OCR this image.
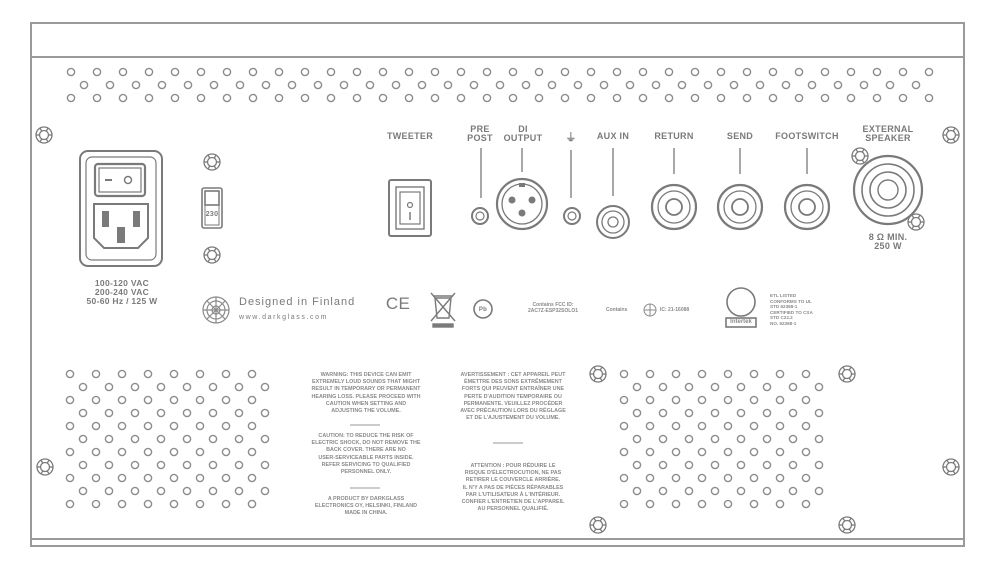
TWEETER
PRE
POST
DI
OUTPUT	⏚	AUX IN	RETURN	SEND	FOOTSWITCH
EXTERNAL
SPEAKER
8 Ω MIN.
250 W
230
100-120 VAC
200-240 VAC
50-60 Hz / 125 W	Designed in Finland
www.darkglass.com
CE	Pb
Contains FCC ID:
2AC7Z-ESP32SOLO1	Contains	IC: 21-16088
Intertek
ETL LISTED
CONFORMS TO UL
STD 62368-1
CERTIFIED TO CSA
STD C22.2
NO. 62368-1
WARNING: THIS DEVICE CAN EMIT
EXTREMELY LOUD SOUNDS THAT MIGHT
RESULT IN TEMPORARY OR PERMANENT
HEARING LOSS. PLEASE PROCEED WITH
CAUTION WHEN SETTING AND
ADJUSTING THE VOLUME.
CAUTION: TO REDUCE THE RISK OF
ELECTRIC SHOCK, DO NOT REMOVE THE
BACK COVER. THERE ARE NO
USER-SERVICEABLE PARTS INSIDE.
REFER SERVICING TO QUALIFIED
PERSONNEL ONLY.
A PRODUCT BY DARKGLASS
ELECTRONICS OY, HELSINKI, FINLAND
MADE IN CHINA.
AVERTISSEMENT : CET APPAREIL PEUT
ÉMETTRE DES SONS EXTRÊMEMENT
FORTS QUI PEUVENT ENTRAÎNER UNE
PERTE D'AUDITION TEMPORAIRE OU
PERMANENTE. VEUILLEZ PROCÉDER
AVEC PRÉCAUTION LORS DU RÉGLAGE
ET DE L'AJUSTEMENT DU VOLUME.
ATTENTION : POUR RÉDUIRE LE
RISQUE D'ÉLECTROCUTION, NE PAS
RETIRER LE COUVERCLE ARRIÈRE.
IL N'Y A PAS DE PIÈCES RÉPARABLES
PAR L'UTILISATEUR À L'INTÉRIEUR.
CONFIER L'ENTRETIEN DE L'APPAREIL
AU PERSONNEL QUALIFIÉ.
